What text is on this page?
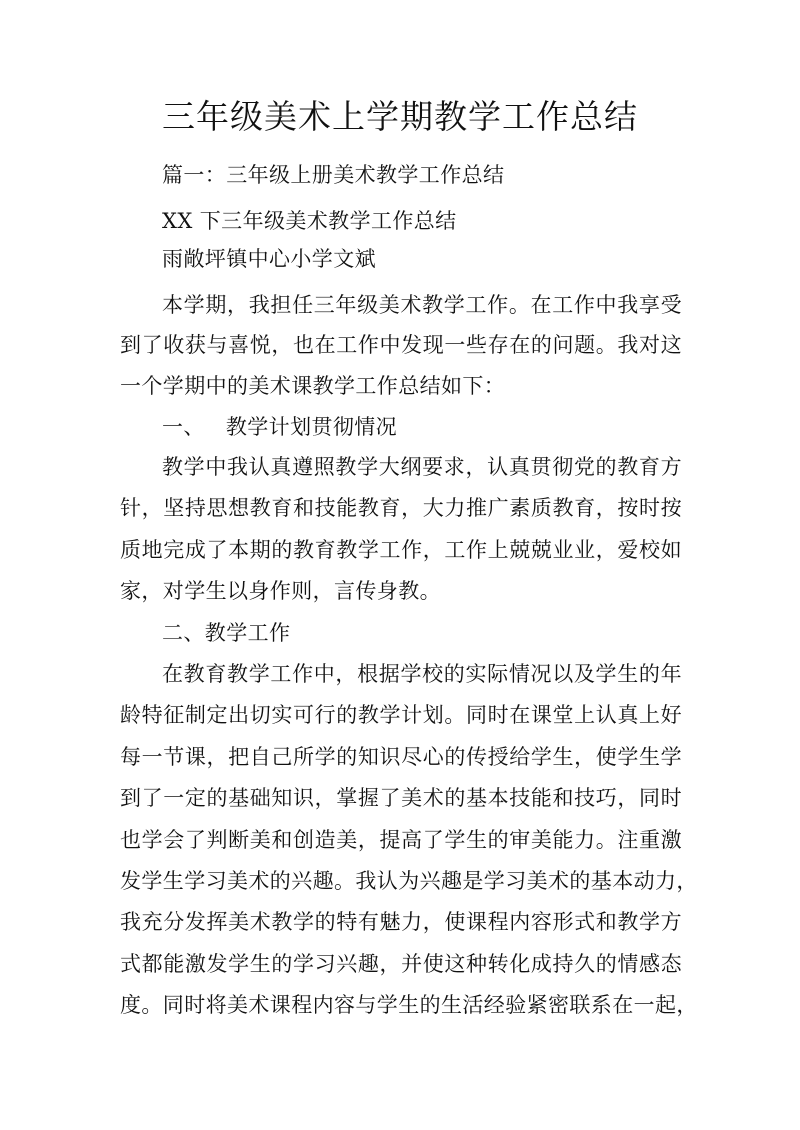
三年级美术上学期教学工作总结
篇一：三年级上册美术教学工作总结
XX 下三年级美术教学工作总结
雨敞坪镇中心小学文斌
本学期，我担任三年级美术教学工作。在工作中我享受
到了收获与喜悦，也在工作中发现一些存在的问题。我对这
一个学期中的美术课教学工作总结如下：
一、 教学计划贯彻情况
教学中我认真遵照教学大纲要求，认真贯彻党的教育方
针，坚持思想教育和技能教育，大力推广素质教育，按时按
质地完成了本期的教育教学工作，工作上兢兢业业，爱校如
家，对学生以身作则，言传身教。
二、教学工作
在教育教学工作中，根据学校的实际情况以及学生的年
龄特征制定出切实可行的教学计划。同时在课堂上认真上好
每一节课，把自己所学的知识尽心的传授给学生，使学生学
到了一定的基础知识，掌握了美术的基本技能和技巧，同时
也学会了判断美和创造美，提高了学生的审美能力。注重激
发学生学习美术的兴趣。我认为兴趣是学习美术的基本动力，
我充分发挥美术教学的特有魅力，使课程内容形式和教学方
式都能激发学生的学习兴趣，并使这种转化成持久的情感态
度。同时将美术课程内容与学生的生活经验紧密联系在一起，
